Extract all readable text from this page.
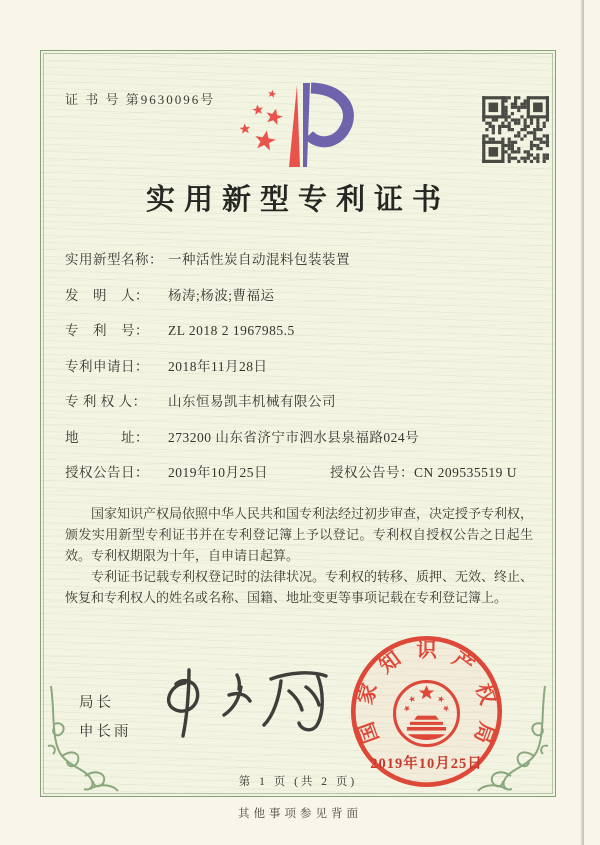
证 书 号 第9630096号
实用新型专利证书
实用新型名称： 一种活性炭自动混料包装装置
发　明　人：	杨涛;杨波;曹福运
专　利　号：	ZL 2018 2 1967985.5
专利申请日：	2018年11月28日
专 利 权 人：	山东恒易凯丰机械有限公司
地　　　址：	273200 山东省济宁市泗水县泉福路024号
授权公告日：	2019年10月25日	授权公告号： CN 209535519 U

国家知识产权局依照中华人民共和国专利法经过初步审查，决定授予专利权，颁发实用新型专利证书并在专利登记簿上予以登记。专利权自授权公告之日起生效。专利权期限为十年，自申请日起算。

专利证书记载专利权登记时的法律状况。专利权的转移、质押、无效、终止、恢复和专利权人的姓名或名称、国籍、地址变更等事项记载在专利登记簿上。

局长
申长雨	国
家
知 识 产
权
局
2019年10月25日
第 1 页 (共 2 页)
其他事项参见背面
